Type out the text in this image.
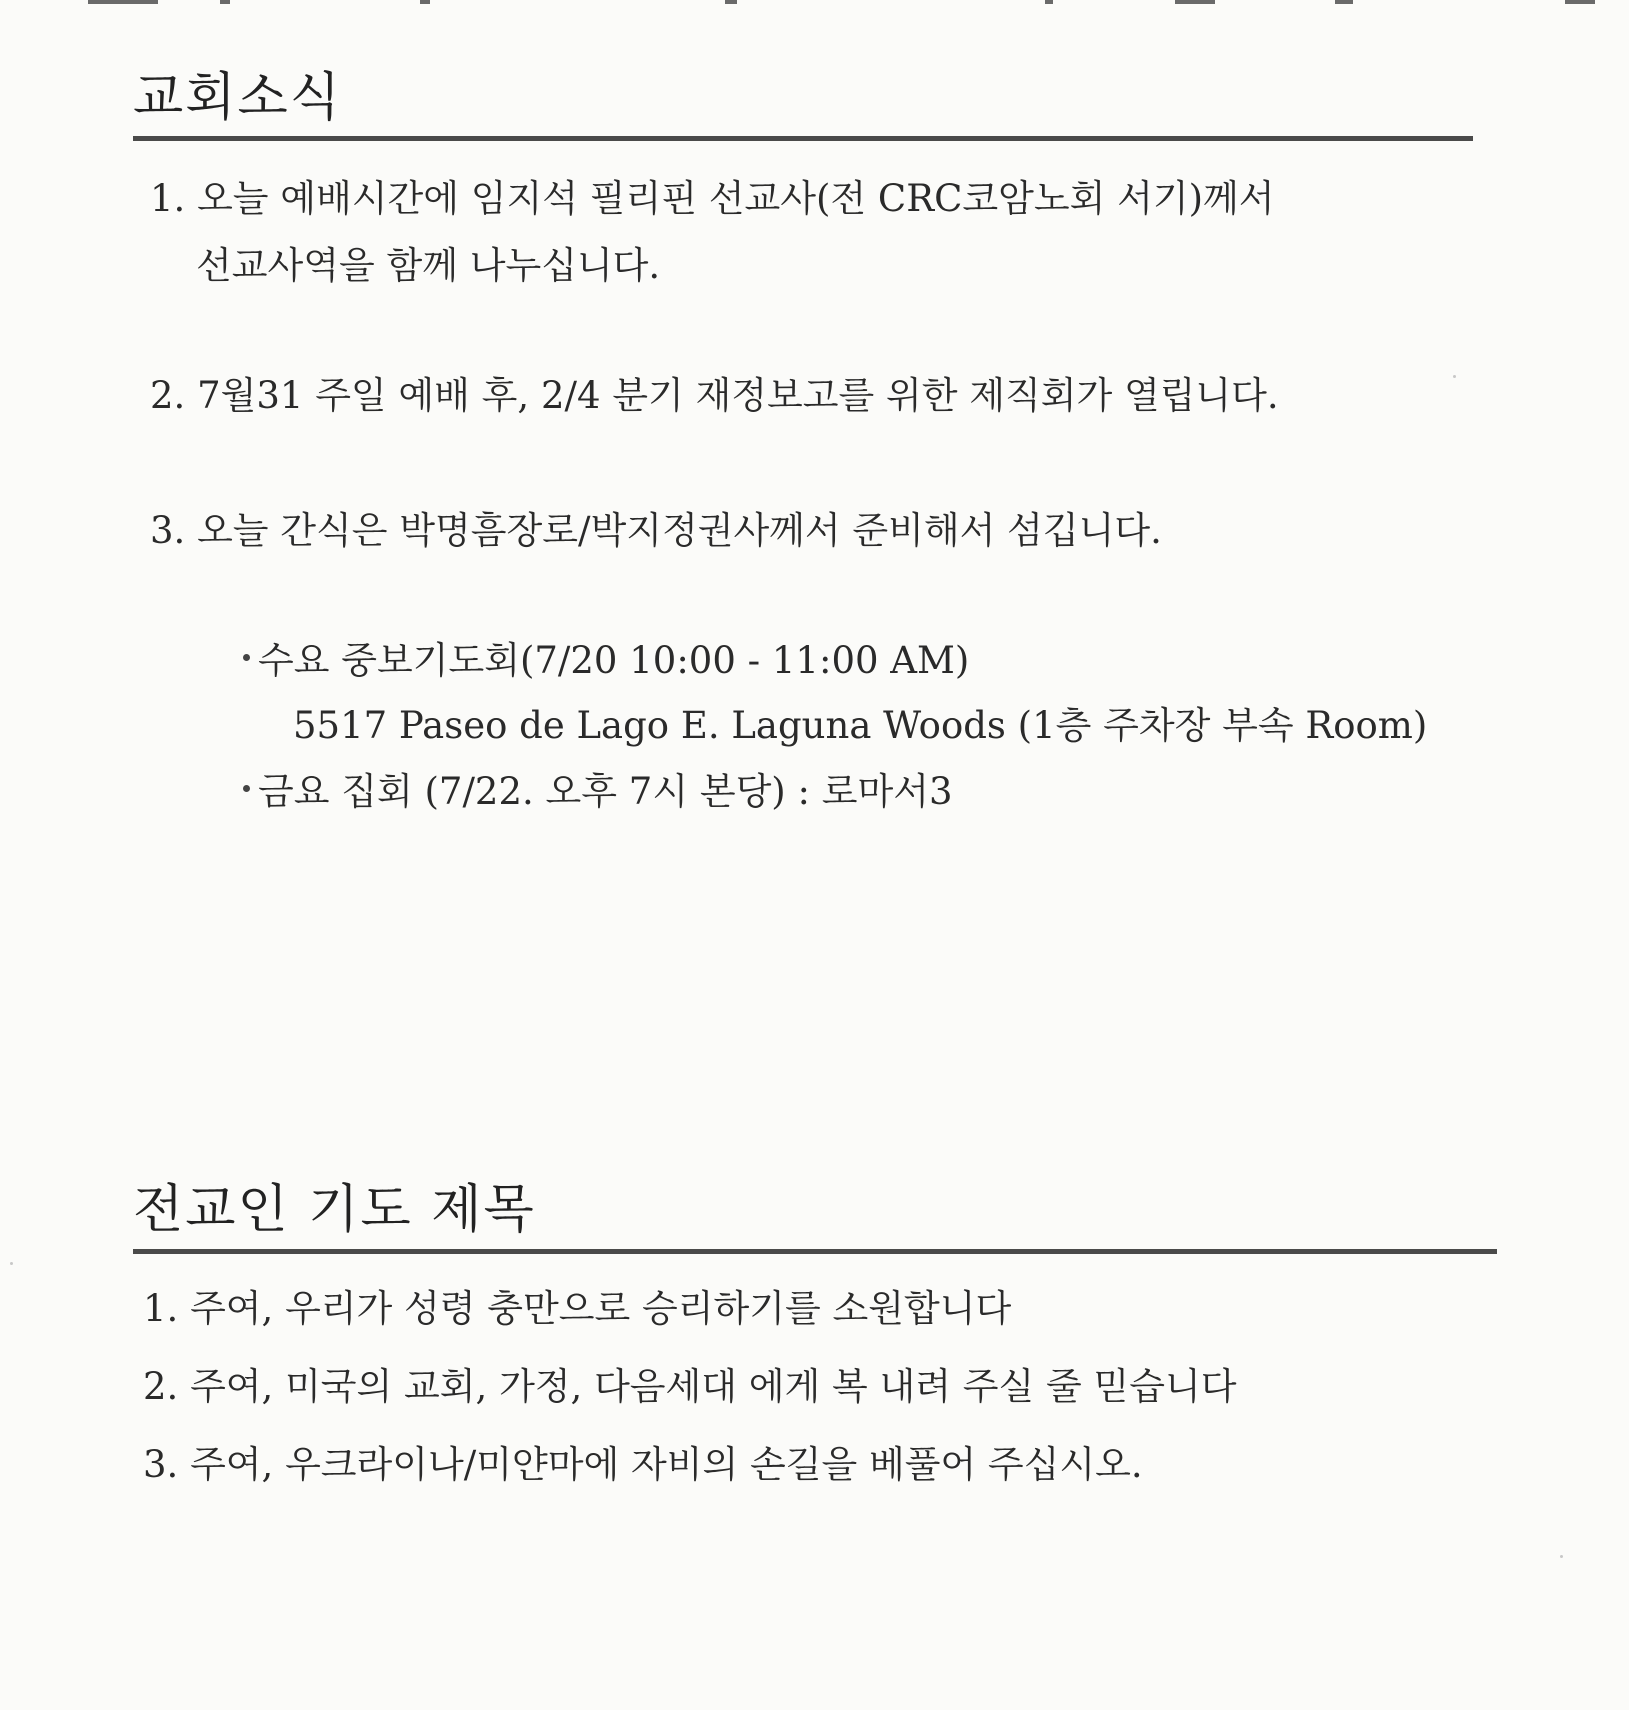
교회소식

1. 오늘 예배시간에 임지석 필리핀 선교사(전 CRC코암노회 서기)께서

선교사역을 함께 나누십니다.

2. 7월31 주일 예배 후, 2/4 분기 재정보고를 위한 제직회가 열립니다.

3. 오늘 간식은 박명흠장로/박지정권사께서 준비해서 섬깁니다.

수요 중보기도회(7/20 10:00 - 11:00 AM)

5517 Paseo de Lago E. Laguna Woods (1층 주차장 부속 Room)

금요 집회 (7/22. 오후 7시 본당) : 로마서3

전교인 기도 제목

1. 주여, 우리가 성령 충만으로 승리하기를 소원합니다

2. 주여, 미국의 교회, 가정, 다음세대 에게 복 내려 주실 줄 믿습니다

3. 주여, 우크라이나/미얀마에 자비의 손길을 베풀어 주십시오.
